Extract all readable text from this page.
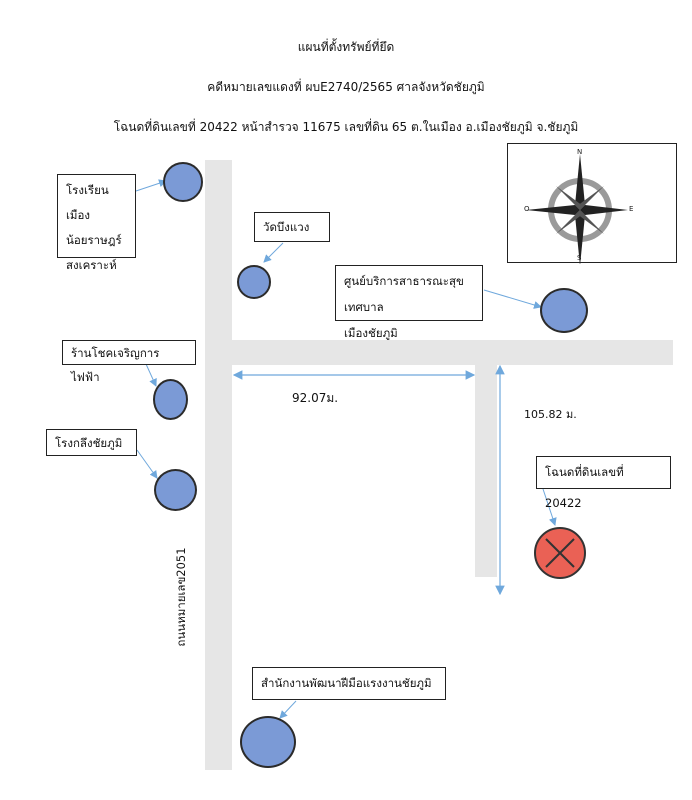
แผนที่ตั้งทรัพย์ที่ยึด
คดีหมายเลขแดงที่ ผบE2740/2565 ศาลจังหวัดชัยภูมิ
โฉนดที่ดินเลขที่ 20422 หน้าสำรวจ 11675 เลขที่ดิน 65 ต.ในเมือง อ.เมืองชัยภูมิ จ.ชัยภูมิ
ถนนหมายเลข2051
92.07ม.
105.82 ม.
N
S
O	E
โรงเรียนเมือง
น้อยราษฎร์
สงเคราะห์
วัดบึงแวง
ศูนย์บริการสาธารณะสุขเทศบาล
เมืองชัยภูมิ
ร้านโชคเจริญการไฟฟ้า
โรงกลึงชัยภูมิ
โฉนดที่ดินเลขที่ 20422
สำนักงานพัฒนาฝีมือแรงงานชัยภูมิ
